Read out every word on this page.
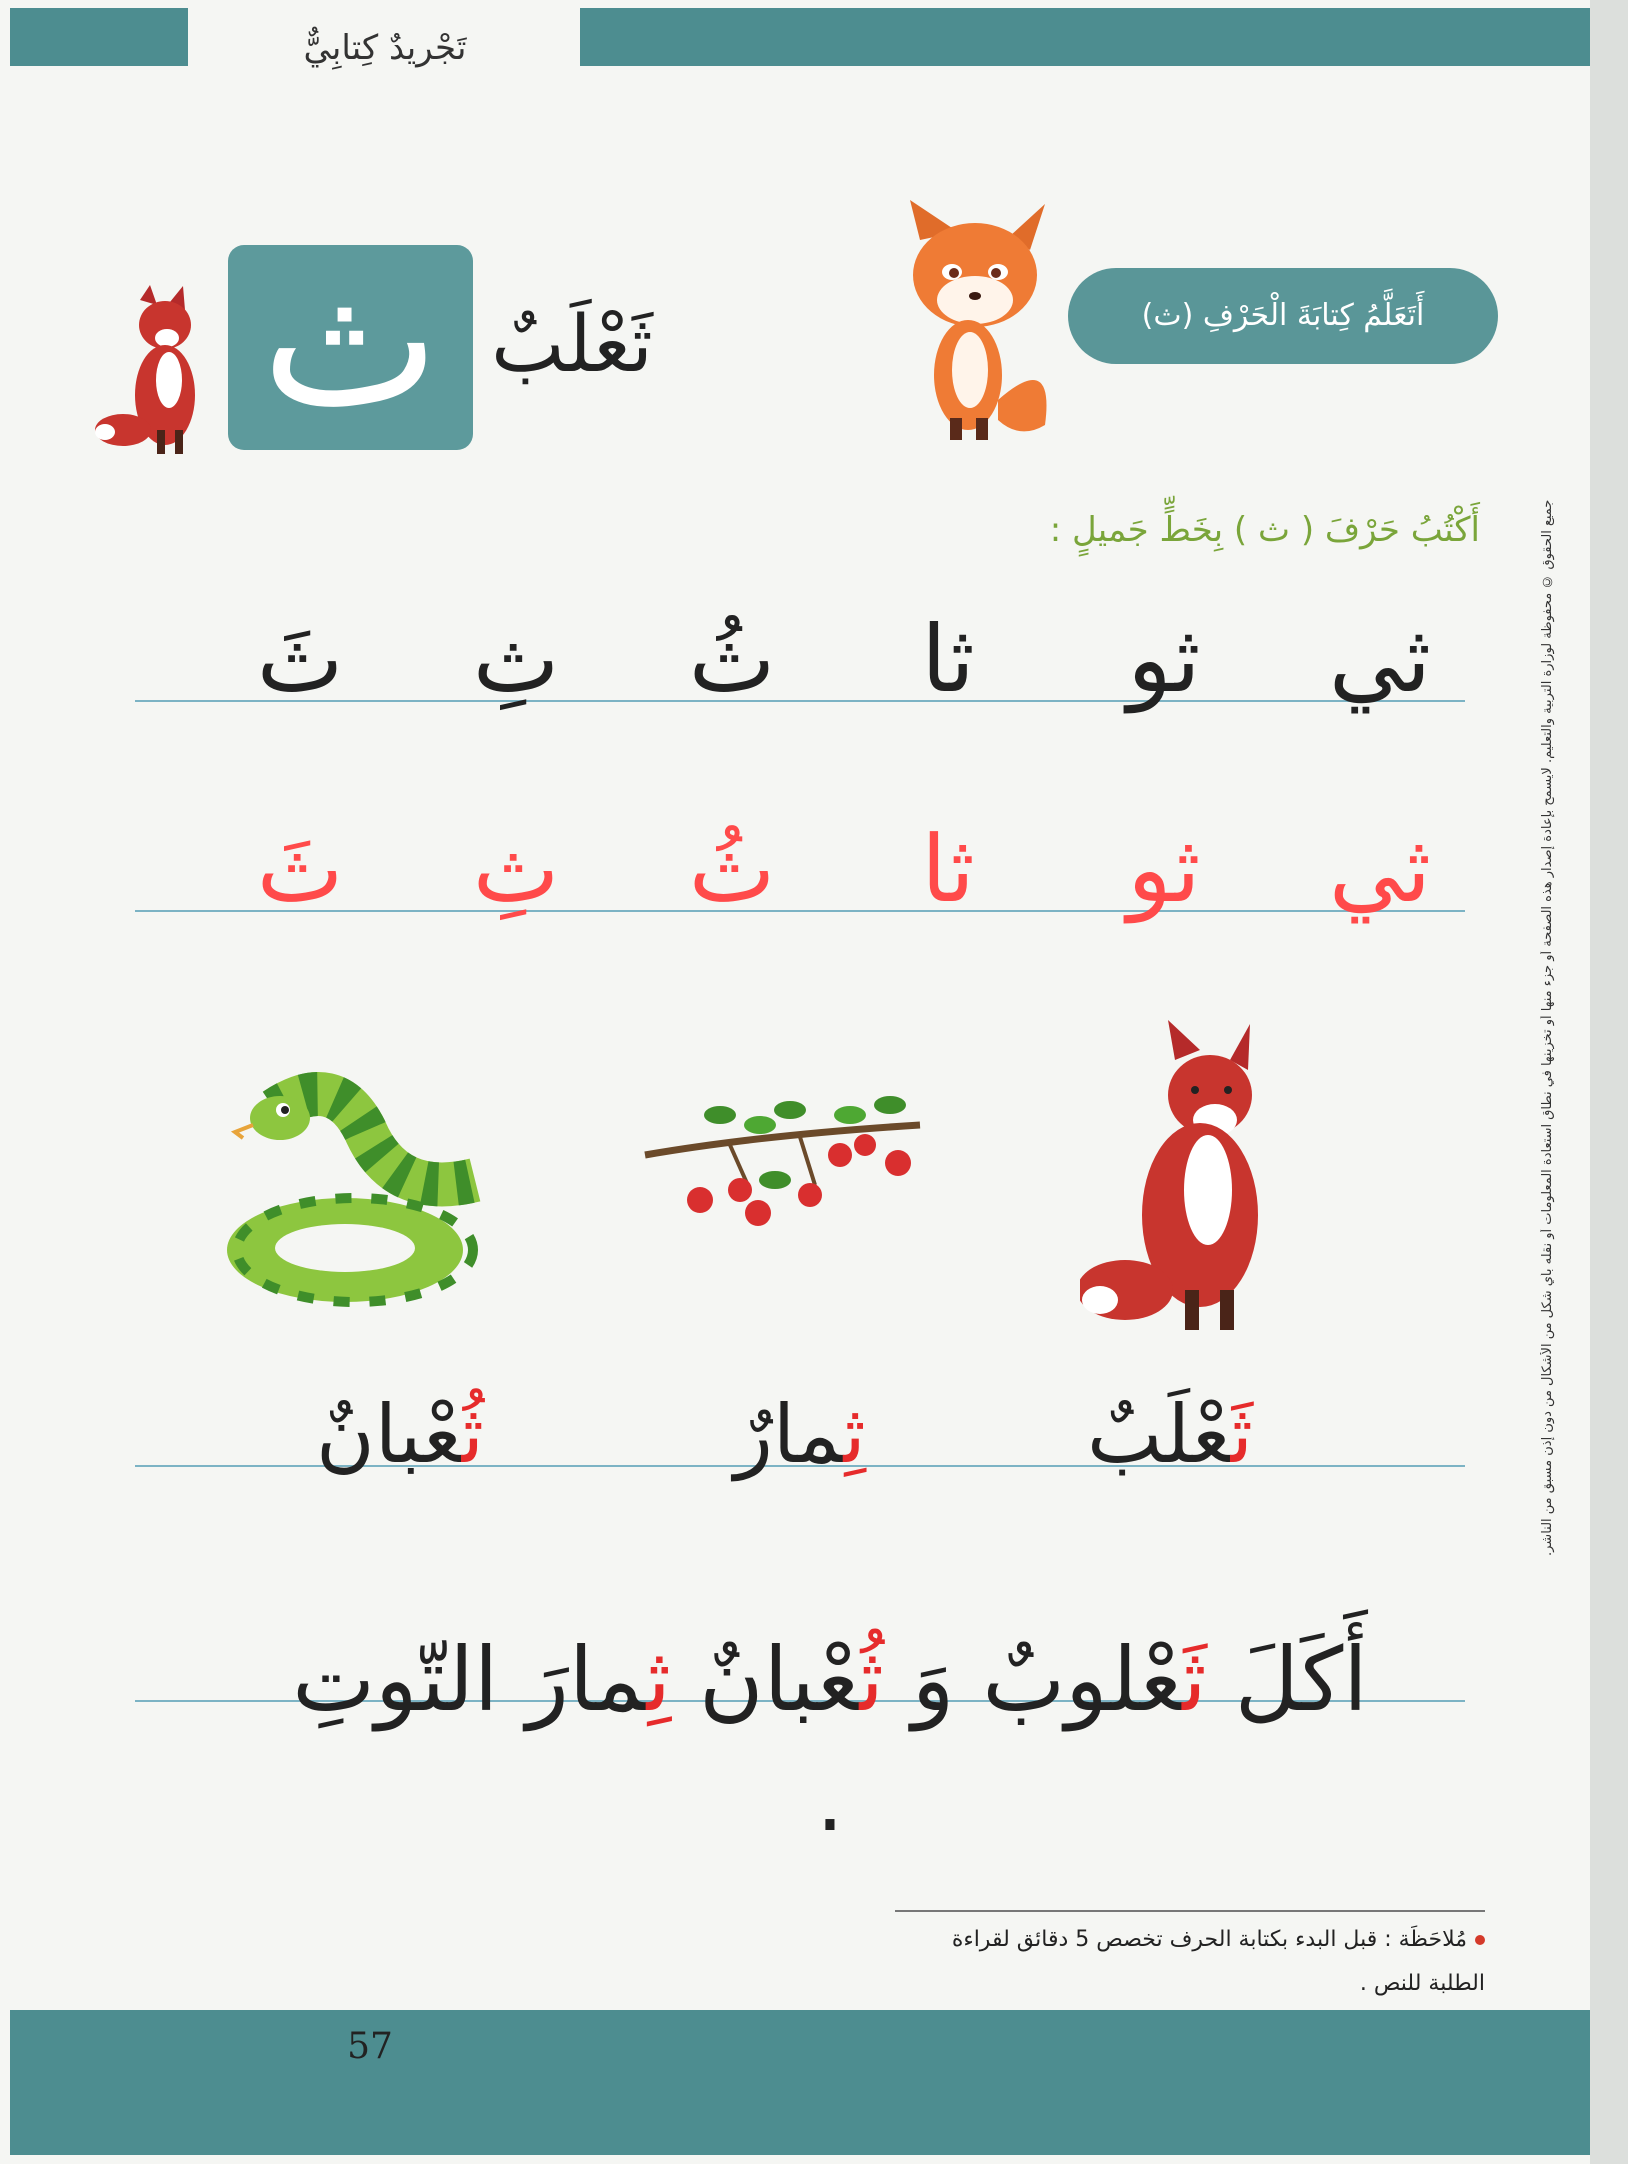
تَجْريدٌ كِتابِيٌّ
جميع الحقوق © محفوظة لوزارة التربية والتعليم. لايسمح بإعادة إصدار هذه الصفحة أو جزء منها أو تخزينها في نطاق استعادة المعلومات أو نقله بأي شكل من الأشكال من دون إذن مسبق من الناشر.
ث ثَعْلَبٌ	أَتَعَلَّمُ كِتابَةَ الْحَرْفِ (ث)
أَكْتُبُ حَرْفَ ( ث ) بِخَطٍّ جَميلٍ :
ثَ	ثِ	ثُ	ثا	ثو	ثي
ثَ	ثِ	ثُ	ثا	ثو	ثي
ثَعْلَبٌ
ثِمارٌ
ثُعْبانٌ
أَكَلَ ثَعْلوبٌ وَ ثُعْبانٌ ثِمارَ التّوتِ .
مُلاحَظَة : قبل البدء بكتابة الحرف تخصص 5 دقائق لقراءة الطلبة للنص .
57
